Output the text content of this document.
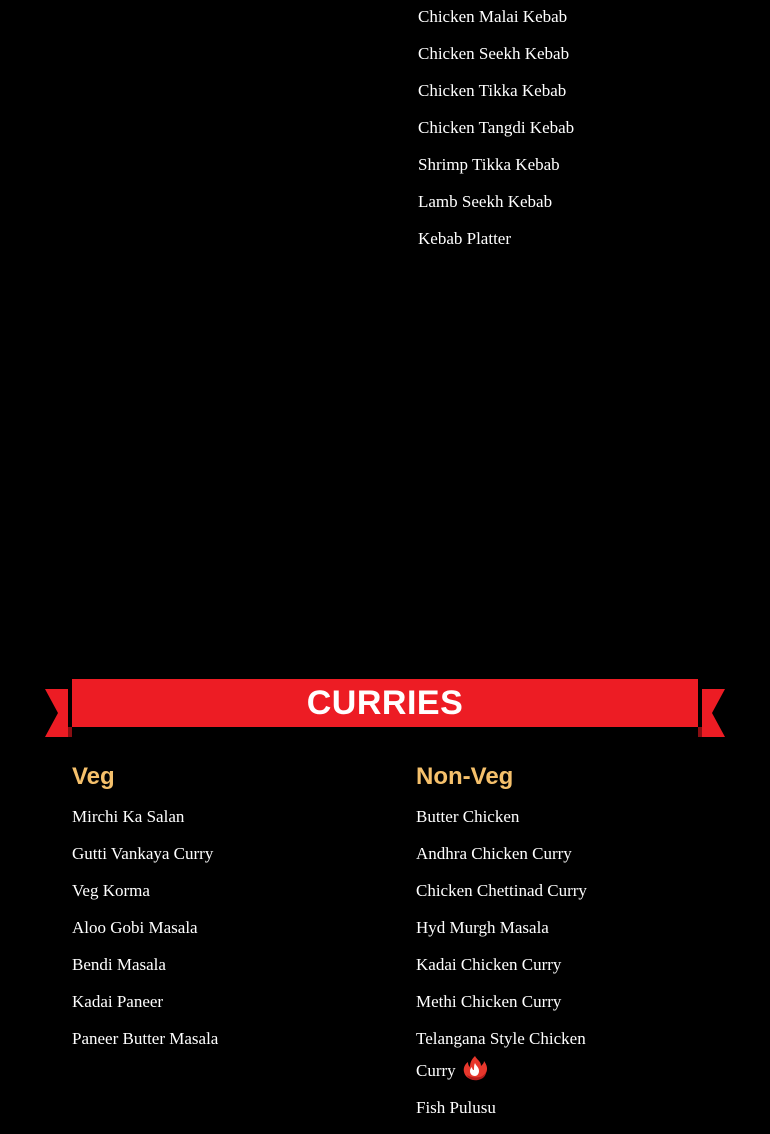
Chicken Malai Kebab
Chicken Seekh Kebab
Chicken Tikka Kebab
Chicken Tangdi Kebab
Shrimp Tikka Kebab
Lamb Seekh Kebab
Kebab Platter
CURRIES
Veg
Mirchi Ka Salan
Gutti Vankaya Curry
Veg Korma
Aloo Gobi Masala
Bendi Masala
Kadai Paneer
Paneer Butter Masala
Non-Veg
Butter Chicken
Andhra Chicken Curry
Chicken Chettinad Curry
Hyd Murgh Masala
Kadai Chicken Curry
Methi Chicken Curry
Telangana Style Chicken Curry
Fish Pulusu
